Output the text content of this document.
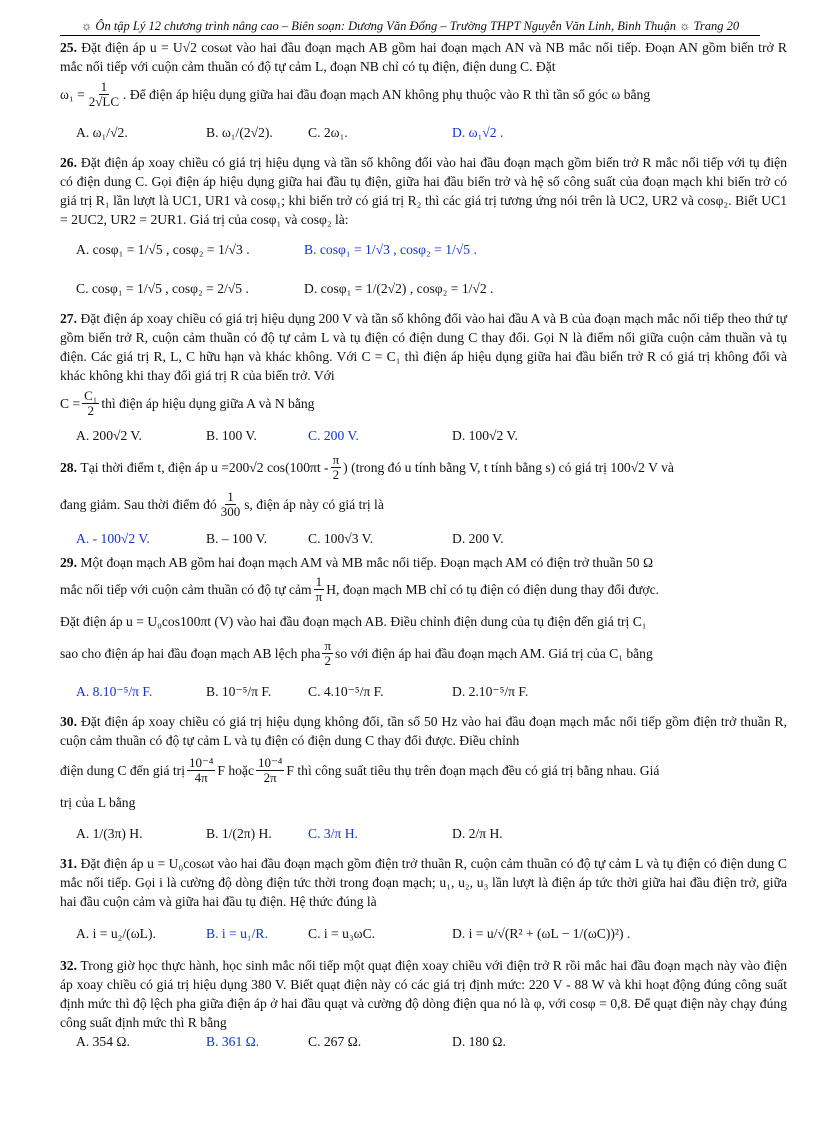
☼ Ôn tập Lý 12 chương trình nâng cao – Biên soạn: Dương Văn Đổng – Trường THPT Nguyễn Văn Linh, Bình Thuận ☼ Trang 20

25. Đặt điện áp u = U√2 cosωt vào hai đầu đoạn mạch AB gồm hai đoạn mạch AN và NB mắc nối tiếp. Đoạn AN gồm biến trở R mắc nối tiếp với cuộn cảm thuần có độ tự cảm L, đoạn NB chỉ có tụ điện, điện dung C. Đặt

$\omega_1 = \frac{1}{2√LC}$ . Để điện áp hiệu dụng giữa hai đầu đoạn mạch AN không phụ thuộc vào R thì tần số góc ω bằng
A. ω₁/√2.	B. ω₁/(2√2).	C. 2ω₁.	D. ω₁√2 .

26. Đặt điện áp xoay chiều có giá trị hiệu dụng và tần số không đổi vào hai đầu đoạn mạch gồm biến trở R mắc nối tiếp với tụ điện có điện dung C. Gọi điện áp hiệu dụng giữa hai đầu tụ điện, giữa hai đầu biến trở và hệ số công suất của đoạn mạch khi biến trở có giá trị R₁ lần lượt là UC1, UR1 và cosφ₁; khi biến trở có giá trị R₂ thì các giá trị tương ứng nói trên là UC2, UR2 và cosφ₂. Biết UC1 = 2UC2, UR2 = 2UR1. Giá trị của cosφ₁ và cosφ₂ là:

A. cosφ₁ = 1/√5 , cosφ₂ = 1/√3 .	B. cosφ₁ = 1/√3 , cosφ₂ = 1/√5 .
C. cosφ₁ = 1/√5 , cosφ₂ = 2/√5 .	D. cosφ₁ = 1/(2√2) , cosφ₂ = 1/√2 .

27. Đặt điện áp xoay chiều có giá trị hiệu dụng 200 V và tần số không đổi vào hai đầu A và B của đoạn mạch mắc nối tiếp theo thứ tự gồm biến trở R, cuộn cảm thuần có độ tự cảm L và tụ điện có điện dung C thay đổi. Gọi N là điểm nối giữa cuộn cảm thuần và tụ điện. Các giá trị R, L, C hữu hạn và khác không. Với C = C₁ thì điện áp hiệu dụng giữa hai đầu biến trở R có giá trị không đổi và khác không khi thay đổi giá trị R của biến trở. Với

$C = \frac{\text{C₁}}{2}$ thì điện áp hiệu dụng giữa A và N bằng
A. 200√2 V.	B. 100 V.	C. 200 V.	D. 100√2 V.
28.
Tại thời điểm t, điện áp u =200√2 $\cos(100\pi t - \frac{\pi}{2}$ ) (trong đó u tính bằng V, t tính bằng s) có giá trị 100√2 V và
đang giảm. Sau thời điểm đó $\frac{1}{300} s$, điện áp này có giá trị là
A. - 100√2 V.	B. – 100 V.	C. 100√3 V.	D. 200 V.

29. Một đoạn mạch AB gồm hai đoạn mạch AM và MB mắc nối tiếp. Đoạn mạch AM có điện trở thuần 50 Ω

mắc nối tiếp với cuộn cảm thuần có độ tự cảm $\frac{1}{\pi} H$, đoạn mạch MB chỉ có tụ điện có điện dung thay đổi được.

Đặt điện áp u = U₀cos100πt (V) vào hai đầu đoạn mạch AB. Điều chỉnh điện dung của tụ điện đến giá trị C₁

sao cho điện áp hai đầu đoạn mạch AB lệch pha $\frac{\pi}{2}$ so với điện áp hai đầu đoạn mạch AM. Giá trị của C₁ bằng
A. 8.10⁻⁵/π F.	B. 10⁻⁵/π F.	C. 4.10⁻⁵/π F.	D. 2.10⁻⁵/π F.

30. Đặt điện áp xoay chiều có giá trị hiệu dụng không đổi, tần số 50 Hz vào hai đầu đoạn mạch mắc nối tiếp gồm điện trở thuần R, cuộn cảm thuần có độ tự cảm L và tụ điện có điện dung C thay đổi được. Điều chỉnh

điện dung C đến giá trị $\frac{\text{10⁻⁴}}{4\pi}$ F hoặc $\frac{\text{10⁻⁴}}{2\pi}$ F thì công suất tiêu thụ trên đoạn mạch đều có giá trị bằng nhau. Giá

trị của L bằng

A. 1/(3π) H.	B. 1/(2π) H.	C. 3/π H.	D. 2/π H.

31. Đặt điện áp u = U₀cosωt vào hai đầu đoạn mạch gồm điện trở thuần R, cuộn cảm thuần có độ tự cảm L và tụ điện có điện dung C mắc nối tiếp. Gọi i là cường độ dòng điện tức thời trong đoạn mạch; u₁, u₂, u₃ lần lượt là điện áp tức thời giữa hai đầu điện trở, giữa hai đầu cuộn cảm và giữa hai đầu tụ điện. Hệ thức đúng là

A. i = u₂/(ωL).	B. i = u₁/R.	C. i = u₃ωC.	D. i = u/√(R² + (ωL − 1/(ωC))²) .

32. Trong giờ học thực hành, học sinh mắc nối tiếp một quạt điện xoay chiều với điện trở R rồi mắc hai đầu đoạn mạch này vào điện áp xoay chiều có giá trị hiệu dụng 380 V. Biết quạt điện này có các giá trị định mức: 220 V - 88 W và khi hoạt động đúng công suất định mức thì độ lệch pha giữa điện áp ở hai đầu quạt và cường độ dòng điện qua nó là φ, với cosφ = 0,8. Để quạt điện này chạy đúng công suất định mức thì R bằng

A. 354 Ω.	B. 361 Ω.	C. 267 Ω.	D. 180 Ω.
